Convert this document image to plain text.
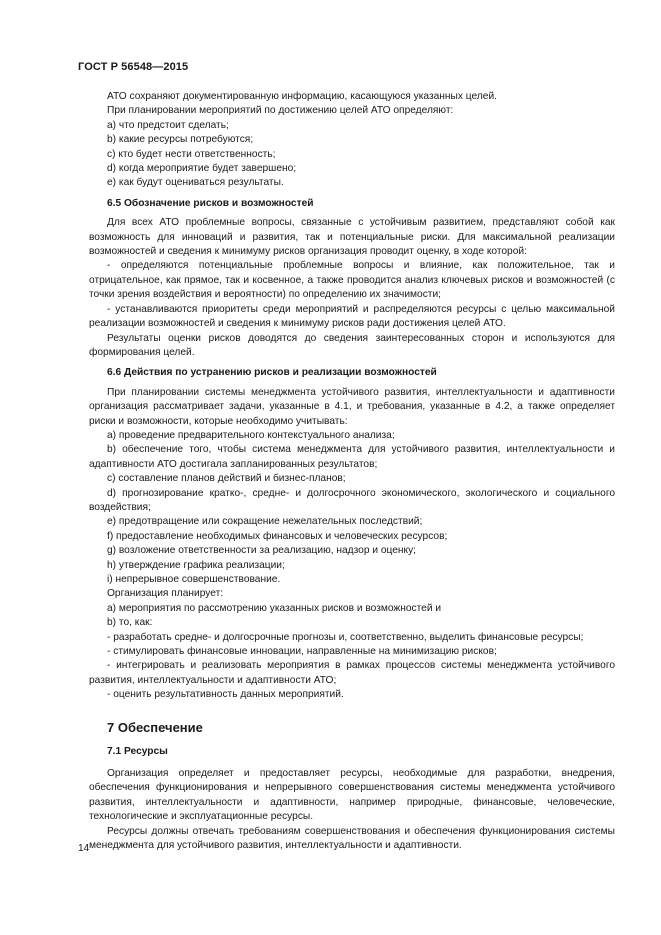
ГОСТ Р 56548—2015

АТО сохраняют документированную информацию, касающуюся указанных целей.

При планировании мероприятий по достижению целей АТО определяют:

а) что предстоит сделать;

b) какие ресурсы потребуются;

c) кто будет нести ответственность;

d) когда мероприятие будет завершено;

e) как будут оцениваться результаты.

6.5 Обозначение рисков и возможностей

Для всех АТО проблемные вопросы, связанные с устойчивым развитием, представляют собой как возможность для инноваций и развития, так и потенциальные риски. Для максимальной реализации возможностей и сведения к минимуму рисков организация проводит оценку, в ходе которой:

- определяются потенциальные проблемные вопросы и влияние, как положительное, так и отрицательное, как прямое, так и косвенное, а также проводится анализ ключевых рисков и возможностей (с точки зрения воздействия и вероятности) по определению их значимости;

- устанавливаются приоритеты среди мероприятий и распределяются ресурсы с целью максимальной реализации возможностей и сведения к минимуму рисков ради достижения целей АТО.

Результаты оценки рисков доводятся до сведения заинтересованных сторон и используются для формирования целей.

6.6 Действия по устранению рисков и реализации возможностей

При планировании системы менеджмента устойчивого развития, интеллектуальности и адаптивности организация рассматривает задачи, указанные в 4.1, и требования, указанные в 4.2, а также определяет риски и возможности, которые необходимо учитывать:

а) проведение предварительного контекстуального анализа;

b) обеспечение того, чтобы система менеджмента для устойчивого развития, интеллектуальности и адаптивности АТО достигала запланированных результатов;

c) составление планов действий и бизнес-планов;

d) прогнозирование кратко-, средне- и долгосрочного экономического, экологического и социального воздействия;

e) предотвращение или сокращение нежелательных последствий;

f) предоставление необходимых финансовых и человеческих ресурсов;

g) возложение ответственности за реализацию, надзор и оценку;

h) утверждение графика реализации;

i) непрерывное совершенствование.

Организация планирует:

а) мероприятия по рассмотрению указанных рисков и возможностей и

b) то, как:

- разработать средне- и долгосрочные прогнозы и, соответственно, выделить финансовые ресурсы;

- стимулировать финансовые инновации, направленные на минимизацию рисков;

- интегрировать и реализовать мероприятия в рамках процессов системы менеджмента устойчивого развития, интеллектуальности и адаптивности АТО;

- оценить результативность данных мероприятий.

7 Обеспечение

7.1 Ресурсы

Организация определяет и предоставляет ресурсы, необходимые для разработки, внедрения, обеспечения функционирования и непрерывного совершенствования системы менеджмента устойчивого развития, интеллектуальности и адаптивности, например природные, финансовые, человеческие, технологические и эксплуатационные ресурсы.

Ресурсы должны отвечать требованиям совершенствования и обеспечения функционирования системы менеджмента для устойчивого развития, интеллектуальности и адаптивности.

14
